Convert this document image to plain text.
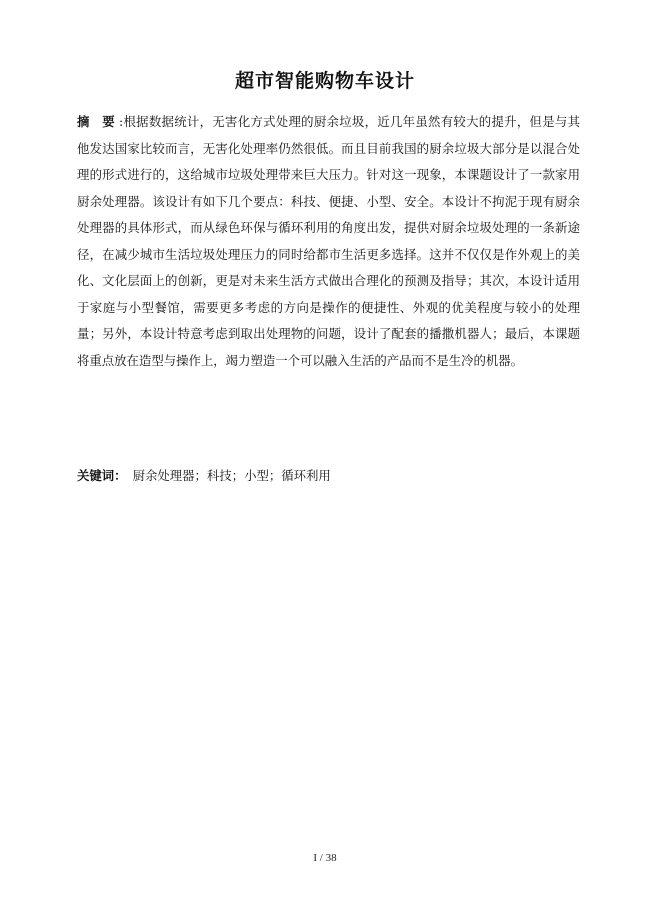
超市智能购物车设计
摘 要:根据数据统计，无害化方式处理的厨余垃圾，近几年虽然有较大的提升，但是与其他发达国家比较而言，无害化处理率仍然很低。而且目前我国的厨余垃圾大部分是以混合处理的形式进行的，这给城市垃圾处理带来巨大压力。针对这一现象，本课题设计了一款家用厨余处理器。该设计有如下几个要点：科技、便捷、小型、安全。本设计不拘泥于现有厨余处理器的具体形式，而从绿色环保与循环利用的角度出发，提供对厨余垃圾处理的一条新途径，在减少城市生活垃圾处理压力的同时给都市生活更多选择。这并不仅仅是作外观上的美化、文化层面上的创新，更是对未来生活方式做出合理化的预测及指导；其次，本设计适用于家庭与小型餐馆，需要更多考虑的方向是操作的便捷性、外观的优美程度与较小的处理量；另外，本设计特意考虑到取出处理物的问题，设计了配套的播撒机器人；最后，本课题将重点放在造型与操作上，竭力塑造一个可以融入生活的产品而不是生冷的机器。
关键词： 厨余处理器；科技；小型；循环利用
I / 38
